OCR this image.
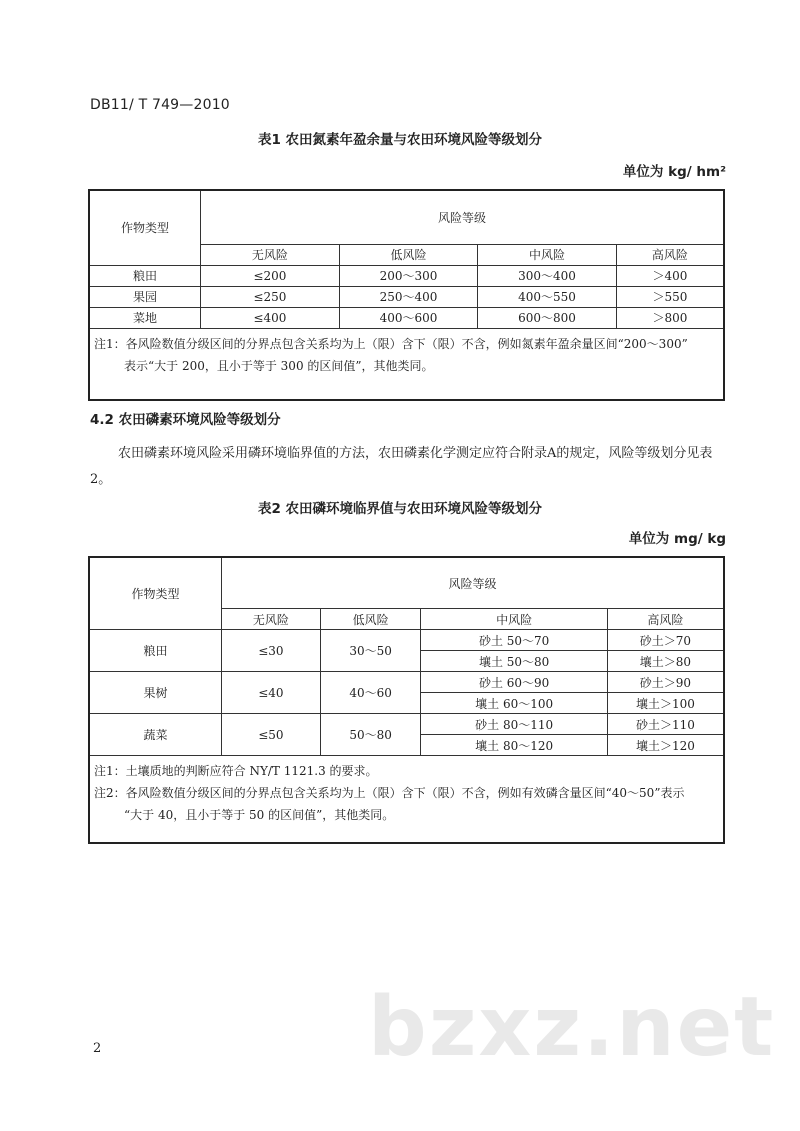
DB11/ T 749—2010
表1 农田氮素年盈余量与农田环境风险等级划分
单位为 kg/ hm²
作物类型	风险等级			
	无风险	低风险	中风险	高风险
粮田	≤200	200～300	300～400	＞400
果园	≤250	250～400	400～550	＞550
菜地	≤400	400～600	600～800	＞800

注1：各风险数值分级区间的分界点包含关系均为上（限）含下（限）不含，例如氮素年盈余量区间“200～300”
表示“大于 200，且小于等于 300 的区间值”，其他类同。				
4.2 农田磷素环境风险等级划分
农田磷素环境风险采用磷环境临界值的方法，农田磷素化学测定应符合附录A的规定，风险等级划分见表2。
表2 农田磷环境临界值与农田环境风险等级划分
单位为 mg/ kg
作物类型	风险等级			
	无风险	低风险	中风险	高风险
粮田	≤30	30～50	砂土 50～70	砂土＞70
			壤土 50～80	壤土＞80
果树	≤40	40～60	砂土 60～90	砂土＞90
			壤土 60～100	壤土＞100
蔬菜	≤50	50～80	砂土 80～110	砂土＞110
			壤土 80～120	壤土＞120

注1：土壤质地的判断应符合 NY/T 1121.3 的要求。
注2：各风险数值分级区间的分界点包含关系均为上（限）含下（限）不含，例如有效磷含量区间“40～50”表示
“大于 40，且小于等于 50 的区间值”，其他类同。				
2	bzxz.net
